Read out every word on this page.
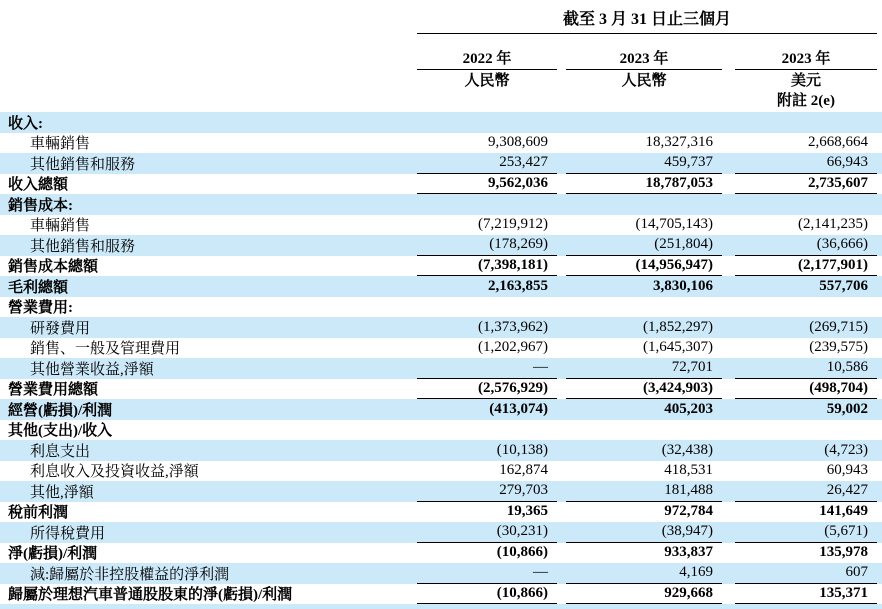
截至 3 月 31 日止三個月
2022 年	2023 年	2023 年
人民幣	人民幣	美元
附註 2(e)
收入:
車輛銷售	9,308,609	18,327,316	2,668,664
其他銷售和服務	253,427	459,737	66,943
收入總額	9,562,036	18,787,053	2,735,607
銷售成本:
車輛銷售	(7,219,912)	(14,705,143)	(2,141,235)
其他銷售和服務	(178,269)	(251,804)	(36,666)
銷售成本總額	(7,398,181)	(14,956,947)	(2,177,901)
毛利總額	2,163,855	3,830,106	557,706
營業費用:
研發費用	(1,373,962)	(1,852,297)	(269,715)
銷售、一般及管理費用	(1,202,967)	(1,645,307)	(239,575)
其他營業收益,淨額	—	72,701	10,586
營業費用總額	(2,576,929)	(3,424,903)	(498,704)
經營(虧損)/利潤	(413,074)	405,203	59,002
其他(支出)/收入
利息支出	(10,138)	(32,438)	(4,723)
利息收入及投資收益,淨額	162,874	418,531	60,943
其他,淨額	279,703	181,488	26,427
稅前利潤	19,365	972,784	141,649
所得稅費用	(30,231)	(38,947)	(5,671)
淨(虧損)/利潤	(10,866)	933,837	135,978
減:歸屬於非控股權益的淨利潤	—	4,169	607
歸屬於理想汽車普通股股東的淨(虧損)/利潤	(10,866)	929,668	135,371
